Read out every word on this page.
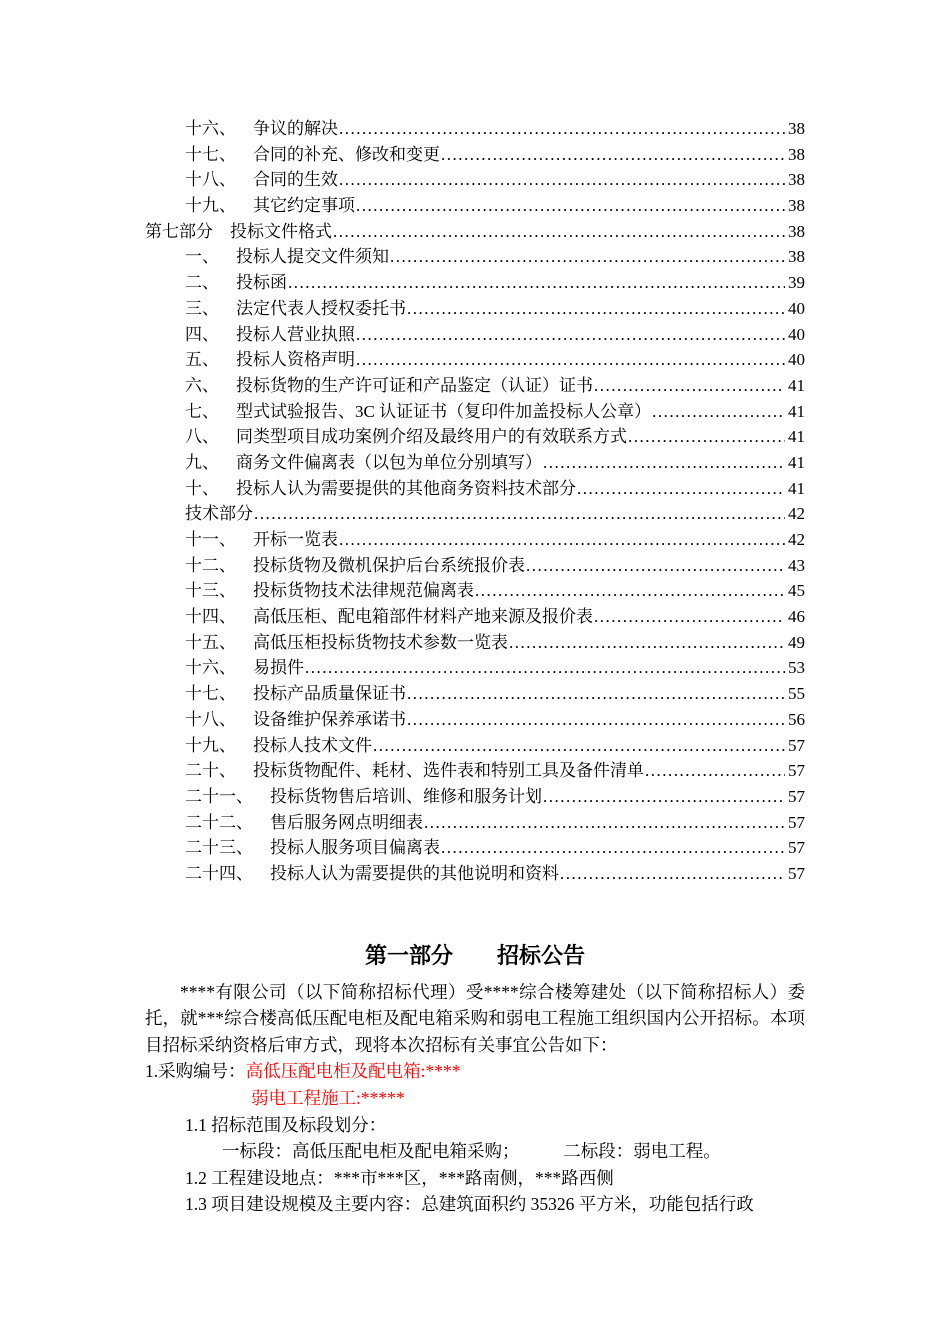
十六、 争议的解决 .....	38
十七、 合同的补充、修改和变更 .....	38
十八、 合同的生效 .....	38
十九、 其它约定事项 .....	38
第七部分 投标文件格式 .....	38
一、 投标人提交文件须知 .....	38
二、 投标函 .....	39
三、 法定代表人授权委托书 .....	40
四、 投标人营业执照 .....	40
五、 投标人资格声明 .....	40
六、 投标货物的生产许可证和产品鉴定（认证）证书 .....	41
七、 型式试验报告、3C 认证证书（复印件加盖投标人公章） .....	41
八、 同类型项目成功案例介绍及最终用户的有效联系方式 .....	41
九、 商务文件偏离表（以包为单位分别填写） .....	41
十、 投标人认为需要提供的其他商务资料技术部分 .....	41
技术部分 .....	42
十一、 开标一览表 .....	42
十二、 投标货物及微机保护后台系统报价表 .....	43
十三、 投标货物技术法律规范偏离表 .....	45
十四、 高低压柜、配电箱部件材料产地来源及报价表 .....	46
十五、 高低压柜投标货物技术参数一览表 .....	49
十六、 易损件 .....	53
十七、 投标产品质量保证书 .....	55
十八、 设备维护保养承诺书 .....	56
十九、 投标人技术文件 .....	57
二十、 投标货物配件、耗材、选件表和特别工具及备件清单 .....	57
二十一、 投标货物售后培训、维修和服务计划 .....	57
二十二、 售后服务网点明细表 .....	57
二十三、 投标人服务项目偏离表 .....	57
二十四、 投标人认为需要提供的其他说明和资料 .....	57
第一部分　　招标公告

****有限公司（以下简称招标代理）受****综合楼筹建处（以下简称招标人）委托，就***综合楼高低压配电柜及配电箱采购和弱电工程施工组织国内公开招标。本项目招标采纳资格后审方式，现将本次招标有关事宜公告如下：

1.采购编号：高低压配电柜及配电箱:****

弱电工程施工:*****

1.1 招标范围及标段划分：

一标段：高低压配电柜及配电箱采购；　　　二标段：弱电工程。

1.2 工程建设地点：***市***区，***路南侧，***路西侧

1.3 项目建设规模及主要内容：总建筑面积约 35326 平方米，功能包括行政
